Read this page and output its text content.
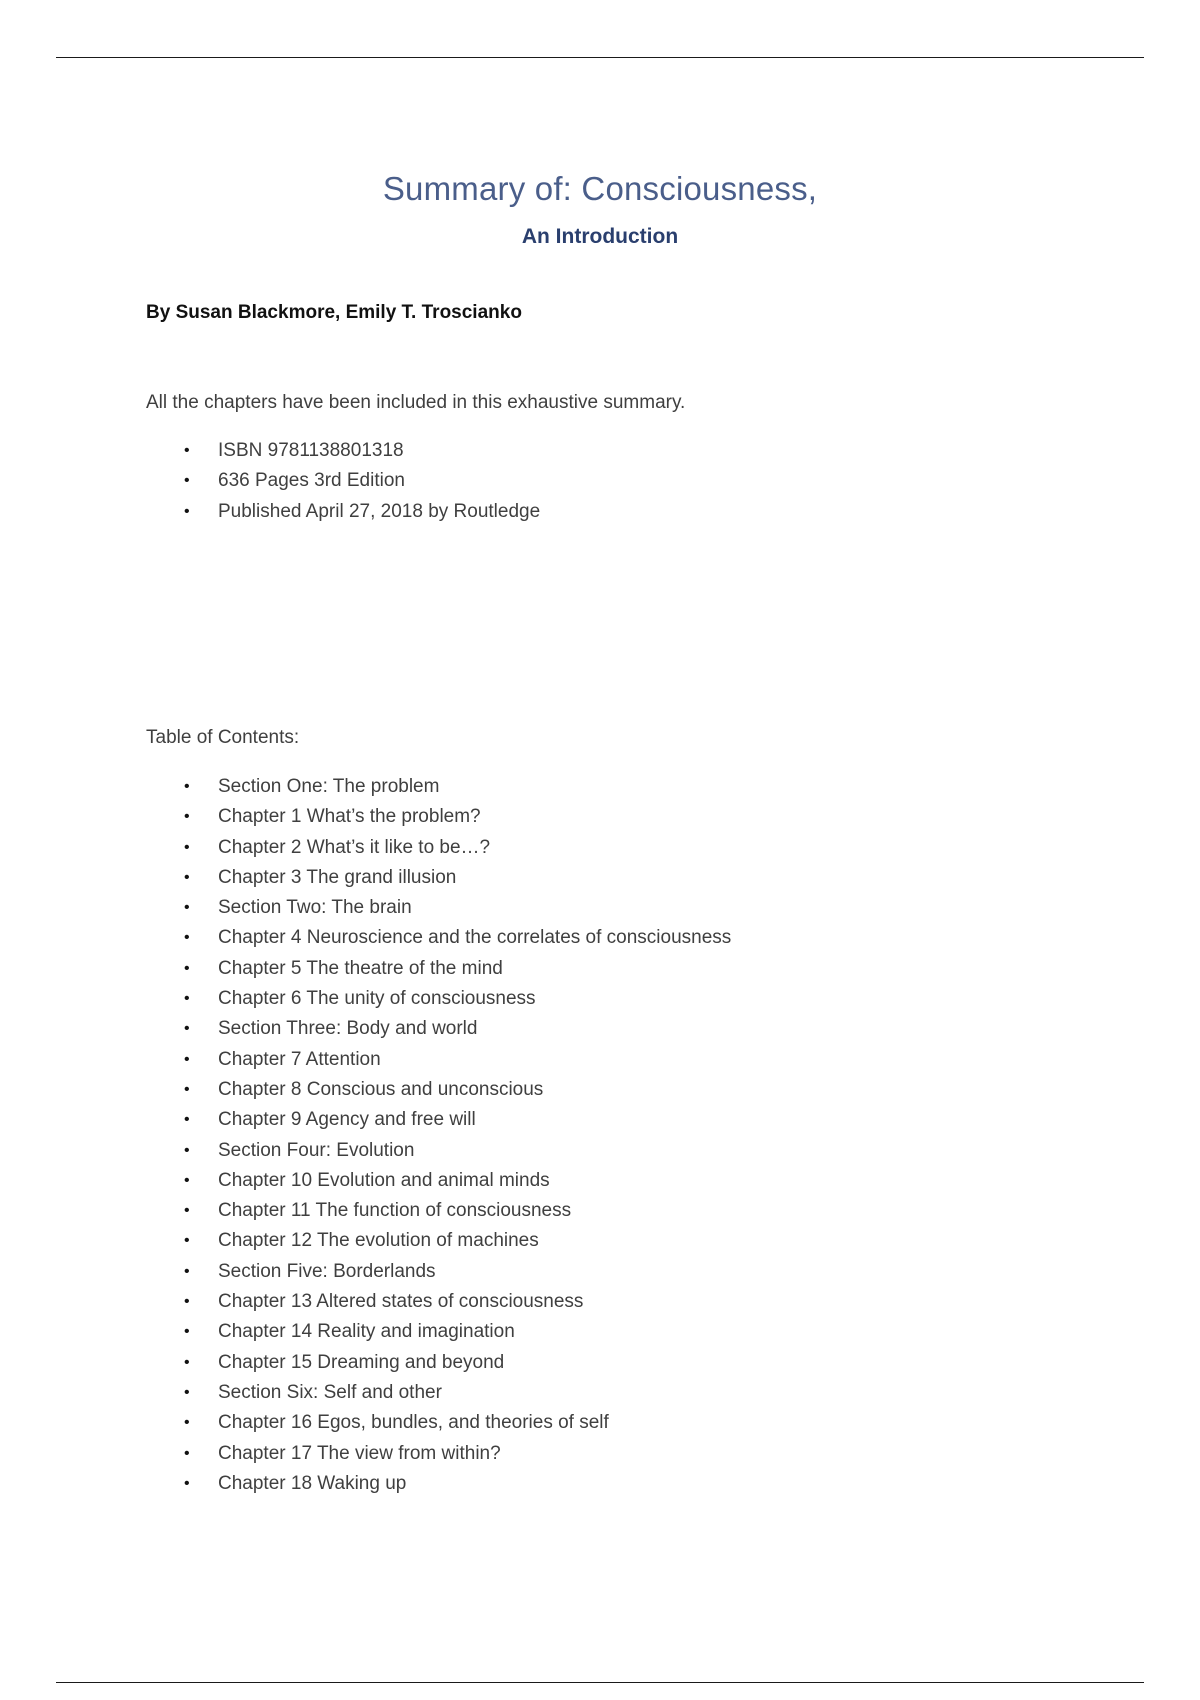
Summary of: Consciousness,
An Introduction
By Susan Blackmore, Emily T. Troscianko
All the chapters have been included in this exhaustive summary.
• ISBN 9781138801318
• 636 Pages 3rd Edition
• Published April 27, 2018 by Routledge
Table of Contents:
• Section One: The problem
• Chapter 1 What’s the problem?
• Chapter 2 What’s it like to be…?
• Chapter 3 The grand illusion
• Section Two: The brain
• Chapter 4 Neuroscience and the correlates of consciousness
• Chapter 5 The theatre of the mind
• Chapter 6 The unity of consciousness
• Section Three: Body and world
• Chapter 7 Attention
• Chapter 8 Conscious and unconscious
• Chapter 9 Agency and free will
• Section Four: Evolution
• Chapter 10 Evolution and animal minds
• Chapter 11 The function of consciousness
• Chapter 12 The evolution of machines
• Section Five: Borderlands
• Chapter 13 Altered states of consciousness
• Chapter 14 Reality and imagination
• Chapter 15 Dreaming and beyond
• Section Six: Self and other
• Chapter 16 Egos, bundles, and theories of self
• Chapter 17 The view from within?
• Chapter 18 Waking up
